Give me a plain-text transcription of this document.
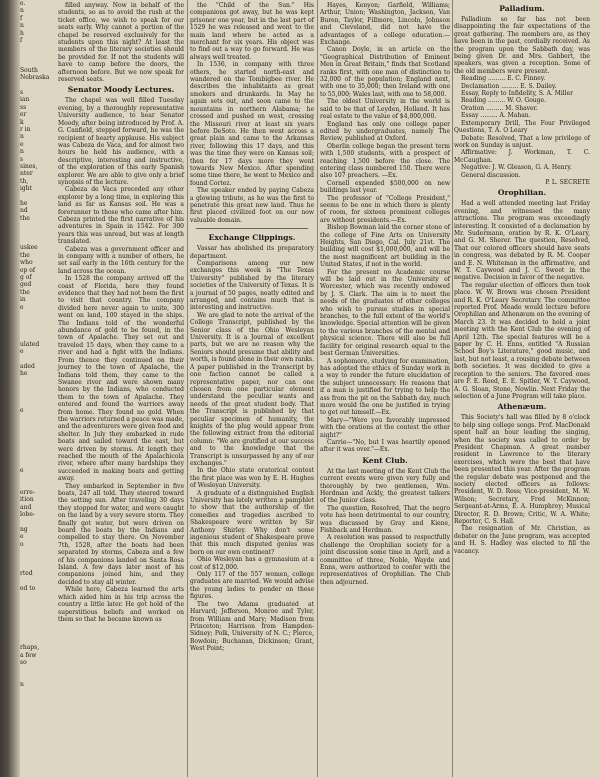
e.

n

f

n

h

f

South

Nebraska

s

ian

ss

er

k

r in

n

e

n

s

sines,

nter

th,

ight

he

nd

the

uskee

the

who

ep of

g of

ged

the

in

e

ulated

e

aded

he

e

e

erre-

ition

and

lobe-

ng

e

o

rted

ed to

rhaps,

a few

so

n

filled anyway. Now in behalf of the students, so as to avoid the rush at the ticket office, we wish to speak for our seats early. Why cannot a portion of the chapel be reserved exclusively for the students upon this night? At least the members of the literary societies should be provided for. If not the students will have to camp before the doors, the afternoon before. But we now speak for reserved seats.

Senator Moody Lectures.

The chapel was well filled Tuesday evening, by a thoroughly representative University audience, to hear Senator Moody, after being introduced by Prof. A. G. Canfield, stepped forward, he was the recipient of hearty applause. His subject was Cabeza de Vaca, and for almost two hours he held his audience, with a descriptive, interesting and instructive, of the exploration of this early Spanish explorer. We are able to give only a brief synopsis of the lecture.

Cabeza de Vaca preceded any other explorer by a long time, in exploring this land as far as Kansas soil. He was a forerunner to those who came after him. Cabeza printed the first narrative of his adventures in Spain in 1542. For 300 years this was unread, but was at length translated.

Cabeza was a government officer and in company with a number of others, he set sail early in the 16th century for the land across the ocean.

In 1528 the company arrived off the coast of Florida, here they found evidence that they had not been the first to visit that country. The company divided here never again to unite, 300 went on land, 100 stayed in the ships. The Indians told of the wonderful abundance of gold to be found, in the town of Apalache. They set out and traveled 15 days, when they came to a river and had a fight with the Indians. From thence they continued on their journey to the town of Apalache, the Indians told them, they came to the Swanee river and were shown many honors by the Indians, who conducted them to the town of Apalache. They entered and found the warriors away from home. They found no gold. When the warriors returned a peace was made, and the adventurers were given food and shelter. In July they embarked in rude boats and sailed toward the east, but were driven by storms. At length they reached the mouth of the Apalachicola river, where after many hardships they succeeded in making boats and getting away.

They embarked in September in five boats, 247 all told. They steered toward the setting sun. After traveling 30 days they stopped for water, and were caught on the land by a very severe storm. They finally got water, but were driven on board the boats by the Indians and compelled to stay there. On November 7th, 1528, after the boats had been separated by storms, Cabeza and a few of his companions landed on Santa Rosa Island. A few days later most of his companions joined him, and they decided to stay all winter.

While here, Cabeza learned the arts which aided him in his trip across the country a little later. He got hold of the superstitious beliefs and worked on them so that he became known as

the "Child of the Sun." His companions got away, but he was kept prisoner one year, but in the last part of 1529 he was released and went to the main land where he acted as a merchant for six years. His object was to find out a way to go forward. He was always well treated.

In 1536, in company with three others, he started north-east and wandered on the Tombigbee river. He describes the inhabitants as great smokers and drunkards. In May he again sets out, and soon came to the mountains in northern Alabama; he crossed and pushed on west, crossing the Missouri river at least six years before DeSoto. He then went across a great plain and came to the Arkansas river, following this 17 days, and this was the time they were on Kansas soil; then for 17 days more they went towards New Mexico. After spending some time there, he went to Mexico and found Cortez.

The speaker ended by paying Cabeza a glowing tribute, as he was the first to penetrate this great new land. Thus he first placed civilized foot on our now valuable domain.

Exchange Clippings.

Vassar has abolished its preparatory department.

Comparisons among our new exchanges this week is "The Texas University" published by the literary societies of the University of Texas. It is a journal of 50 pages, neatly edited and arranged, and contains much that is interesting and instructive.

We are glad to note the arrival of the College Transcript, published by the Senior class of the Ohio Wesleyan University. It is a Journal of excellent parts, but we are no reason why the Seniors should presume that ability and worth, is found alone in their own ranks. A paper published in the Transcript by one faction cannot be called a representative paper, nor can one chosen from one particular element understand the peculiar wants and needs of the great student body. That the Transcript is published by that peculiar specimen of humanity, the knights of the plug would appear from the following extract from the editorial column: "We are gratified at our success and to the knowledge that the Transcript is unsurpassed by any of our exchanges."

In the Ohio state oratorical contest the first place was won by E. H. Hughes of Wesleyan University.

A graduate of a distinguished English University has lately written a pamphlet to show that the authorship of the comedies and tragedies ascribed to Shakespeare were written by Sir Anthony Shirley. Why don't some ingenious student of Shakespeare prove that this much disputed genius was born on our own continent?

Ohio Wesleyan has a gymnasium at a cost of $12,000.

Only 117 of the 557 women, college graduates are married. We would advise the young ladies to ponder on these figures.

The two Adams graduated at Harvard; Jefferson, Monroe and Tyler, from William and Mary; Madison from Princeton; Harrison from Hampden-Sidney; Polk, University of N. C.; Pierce, Bowdoin; Buchanan, Dickinson; Grant, West Point;

Hayes, Kenyon; Garfield, Williams; Arthur, Union; Washington, Jackson, Van Buren, Taylor, Fillmore, Lincoln, Johnson and Cleveland, did not have the advantages of a college education.—Exchange.

Canon Doyle, in an article on the "Geographical Distribution of Eminent Men in Great Britain," finds that Scotland ranks first, with one man of distinction to 32,000 of the population; England next, with one to 35,000; then Ireland with one to 55,000; Wales last, with one to 58,000.

The oldest University in the world is said to be that of Leyden, Holland. It has real estate to the value of $4,000,000.

England has only one college paper edited by undergraduates, namely The Review, published at Oxford.

Oberlin college began the present term with 1,500 students, with a prospect of reaching 1,500 before the close. The entering class numbered 150. There were also 107 preachers. —Ex.

Cornell expended $500,000 on new buildings last year.

The professor of "College President," seems to be one in which there is plenty of room, for sixteen prominent colleges are without presidents.—Ex.

Bishop Bowman laid the corner stone of the college of Fine Arts on University Heights, San Diego, Cal. July 21st. The building will cost $1,000,000, and will be the most magnificent art building in the United States, if not in the world.

For the present no Academic course will be laid out in the University of Worcester, which was recently endowed by J. S. Clark. The aim is to meet the needs of the graduates of other colleges who wish to pursue studies in special branches, to the full extent of the world's knowledge. Special attention will be given to the various branches of the mental and physical science. There will also be full facility for original research equal to the best German Universities.

A sophomore, studying for examination, has adopted the ethics of Sunday work in a way to render the future elucidation of the subject unnecessary. He reasons that if a man is justified for trying to help the ass from the pit on the Sabbath day, much more would the one be justified in trying to get out himself.—Ex.

Mary—"Were you favorably impressed with the orations at the contest the other night?"

Carrie—"No, but I was heartily opened after it was over."—Ex.

Kent Club.

At the last meeting of the Kent Club the current events were given very fully and thoroughly by two gentlemen, Wm. Herdman and Ackly, the greatest talkers of the Junior class.

The question, Resolved, That the negro vote has been detrimental to our country, was discussed by Gray and Kiene, Fishback and Herdman.

A resolution was passed to respectfully challenge the Orophilian society for a joint discussion some time in April, and a committee of three, Noble, Wayde and Enns, were authorized to confer with the representatives of Orophilian. The Club then adjourned.

Palladium.

Palladium so far has not been disappointing the fair expectations of the great gathering. The members are, as they have been in the past, cordially received. As the program upon the Sabbath day, was being given Dr. and Mrs. Gabbert, the speakers, was given a reception. Some of the old members were present.

Reading ......... E. C. Finney.

Declamation ......... E. S. Dailey.

Essay, Reply to Infidelity, S. A. Miller

Reading ......... W. O. Gouge.

Oration ......... M. Shaver.

Essay ......... A. Mahan.

Extemporary Drill, The Four Privileged Questions, T. A. O Leary

Debate: Resolved, That a low privilege of work on Sunday is unjust.

Affirmative: J. Workman, T. C. McCaughan.

Negative: J. W. Gleason, G. A. Henry.

General discussion.

P. L. SECRETE

Orophilian.

Had a well attended meeting last Friday evening, and witnessed the many attractions. The program was exceedingly interesting. It consisted of a declamation by Mr. Sudermann, oration by R. K. O'Leary, and G. M. Sherer. The question, Resolved, That our colored officers should have seats in congress, was debated by R. M. Cooper and E. N. Whiteman in the affirmative, and W. T. Caywood and J. C. Sweet in the negative. Decision in favor of the negative.

The regular election of officers then took place. W. W. Brown was chosen President and R. K. O'Leary Secretary. The committee reported Prof. Meade would lecture before Orophilian and Athenæum on the evening of March 23. It was decided to hold a joint meeting with the Kent Club the evening of April 12th. The special features will be a paper by C. H. Enns, entitled "A Russian School Boy's Literature," good music, and last, but not least, a rousing debate between both societies. It was decided to give a reception to the seniors. The favored ones are F. E. Reed, E. E. Spitler, W. T. Caywood, A. G. Sloan, Stone, Nowlin. Next Friday the selection of a June Program will take place.

Athenæum.

This Society's hall was filled by 8 o'clock to help sing college songs. Prof. MacDonald spent half an hour leading the singing, when the society was called to order by President Chapman. A great number resident in Lawrence to the literary exercises, which were the best that have been presented this year. After the program the regular debate was postponed and the society elected officers as follows: President, W. D. Ross; Vice-president, M. W. Wilson; Secretary, Fred McKinnon; Sergeant-at-Arms, E. A. Humphrey; Musical Director, R. D. Brown; Critic, W. A. White; Reporter, C. S. Hall.

The resignation of Mr. Christian, as debater on the June program, was accepted and H. S. Hadley was elected to fill the vacancy.
